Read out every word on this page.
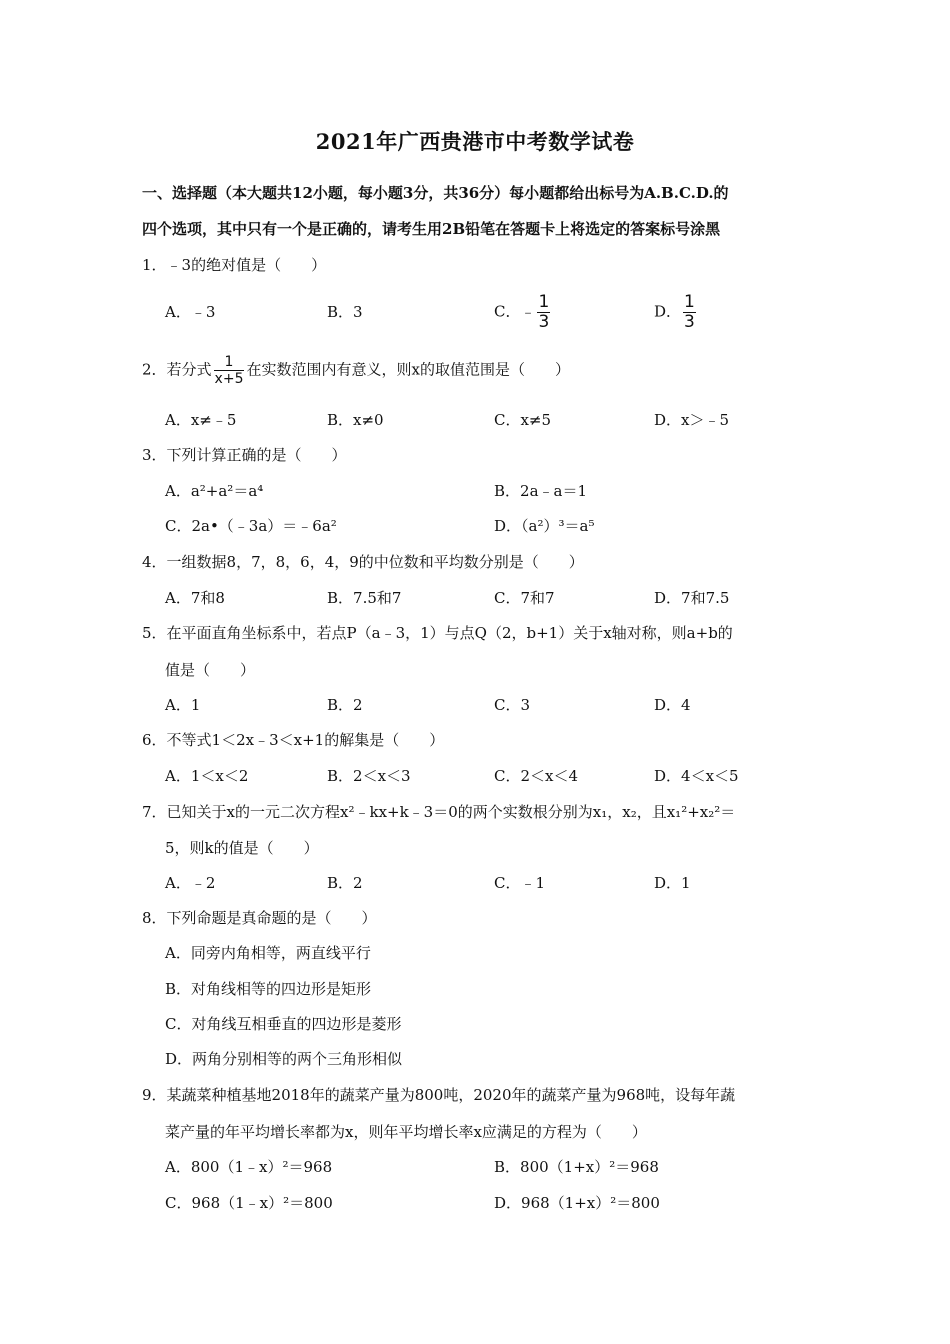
2021年广西贵港市中考数学试卷
一、选择题（本大题共12小题，每小题3分，共36分）每小题都给出标号为A.B.C.D.的
四个选项，其中只有一个是正确的，请考生用2B铅笔在答题卡上将选定的答案标号涂黑
1．﹣3的绝对值是（　　）
A．﹣3	B．3	C．﹣ $\frac{1}{3}$	D． $\frac{1}{3}$
2．若分式 $\frac{1}{x+5}$ 在实数范围内有意义，则x的取值范围是（　　）
A．x≠﹣5	B．x≠0	C．x≠5	D．x＞﹣5
3．下列计算正确的是（　　）
A．a²+a²＝a⁴	B．2a﹣a＝1
C．2a•（﹣3a）＝﹣6a²	D．（a²）³＝a⁵
4．一组数据8，7，8，6，4，9的中位数和平均数分别是（　　）
A．7和8	B．7.5和7	C．7和7	D．7和7.5
5．在平面直角坐标系中，若点P（a﹣3，1）与点Q（2，b+1）关于x轴对称，则a+b的
值是（　　）
A．1	B．2	C．3	D．4
6．不等式1＜2x﹣3＜x+1的解集是（　　）
A．1＜x＜2	B．2＜x＜3	C．2＜x＜4	D．4＜x＜5
7．已知关于x的一元二次方程x²﹣kx+k﹣3＝0的两个实数根分别为x₁，x₂，且x₁²+x₂²＝
5，则k的值是（　　）
A．﹣2	B．2	C．﹣1	D．1
8．下列命题是真命题的是（　　）
A．同旁内角相等，两直线平行
B．对角线相等的四边形是矩形
C．对角线互相垂直的四边形是菱形
D．两角分别相等的两个三角形相似
9．某蔬菜种植基地2018年的蔬菜产量为800吨，2020年的蔬菜产量为968吨，设每年蔬
菜产量的年平均增长率都为x，则年平均增长率x应满足的方程为（　　）
A．800（1﹣x）²＝968	B．800（1+x）²＝968
C．968（1﹣x）²＝800	D．968（1+x）²＝800
